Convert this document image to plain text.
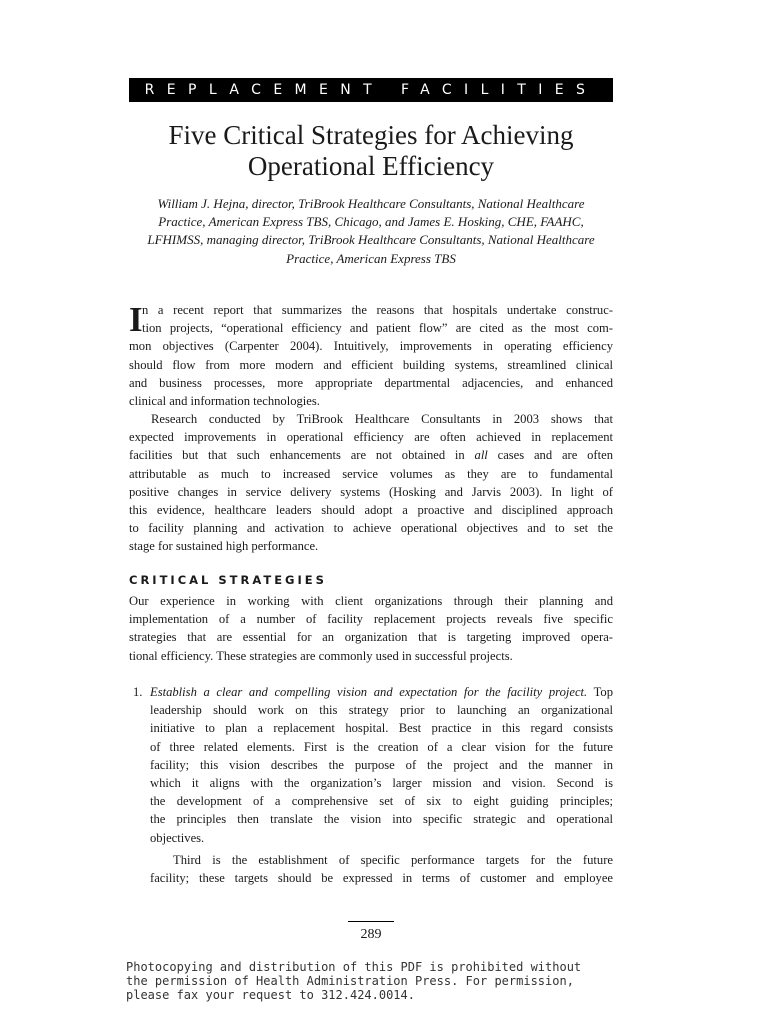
REPLACEMENT FACILITIES
Five Critical Strategies for Achieving
Operational Efficiency
William J. Hejna, director, TriBrook Healthcare Consultants, National Healthcare
Practice, American Express TBS, Chicago, and James E. Hosking, CHE, FAAHC,
LFHIMSS, managing director, TriBrook Healthcare Consultants, National Healthcare
Practice, American Express TBS
I n a recent report that summarizes the reasons that hospitals undertake construc-
tion projects, “operational efficiency and patient flow” are cited as the most com-
mon objectives (Carpenter 2004). Intuitively, improvements in operating efficiency
should flow from more modern and efficient building systems, streamlined clinical
and business processes, more appropriate departmental adjacencies, and enhanced
clinical and information technologies.
Research conducted by TriBrook Healthcare Consultants in 2003 shows that
expected improvements in operational efficiency are often achieved in replacement
facilities but that such enhancements are not obtained in all cases and are often
attributable as much to increased service volumes as they are to fundamental
positive changes in service delivery systems (Hosking and Jarvis 2003). In light of
this evidence, healthcare leaders should adopt a proactive and disciplined approach
to facility planning and activation to achieve operational objectives and to set the
stage for sustained high performance.
CRITICAL STRATEGIES
Our experience in working with client organizations through their planning and
implementation of a number of facility replacement projects reveals five specific
strategies that are essential for an organization that is targeting improved opera-
tional efficiency. These strategies are commonly used in successful projects.
1. Establish a clear and compelling vision and expectation for the facility project. Top
leadership should work on this strategy prior to launching an organizational
initiative to plan a replacement hospital. Best practice in this regard consists
of three related elements. First is the creation of a clear vision for the future
facility; this vision describes the purpose of the project and the manner in
which it aligns with the organization’s larger mission and vision. Second is
the development of a comprehensive set of six to eight guiding principles;
the principles then translate the vision into specific strategic and operational
objectives.
Third is the establishment of specific performance targets for the future
facility; these targets should be expressed in terms of customer and employee
289
Photocopying and distribution of this PDF is prohibited without
the permission of Health Administration Press. For permission,
please fax your request to 312.424.0014.
